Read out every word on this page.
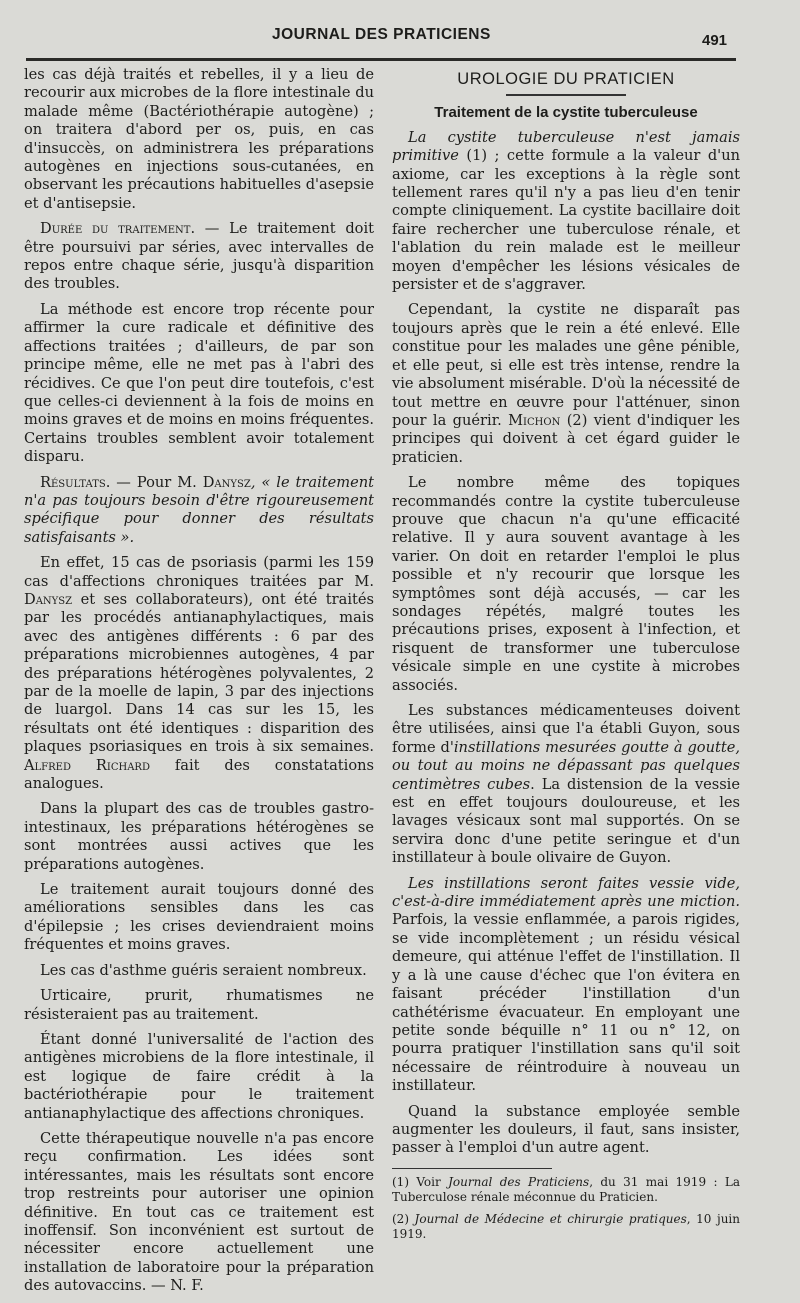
JOURNAL DES PRATICIENS	491

les cas déjà traités et rebelles, il y a lieu de recourir aux microbes de la flore intestinale du malade même (Bactériothérapie autogène) ; on traitera d'abord per os, puis, en cas d'insuccès, on administrera les préparations autogènes en injections sous-cutanées, en observant les précautions habituelles d'asepsie et d'antisepsie.

Durée du traitement. — Le traitement doit être poursuivi par séries, avec intervalles de repos entre chaque série, jusqu'à disparition des troubles.

La méthode est encore trop récente pour affirmer la cure radicale et définitive des affections traitées ; d'ailleurs, de par son principe même, elle ne met pas à l'abri des récidives. Ce que l'on peut dire toutefois, c'est que celles-ci deviennent à la fois de moins en moins graves et de moins en moins fréquentes. Certains troubles semblent avoir totalement disparu.

Résultats. — Pour M. Danysz, « le traitement n'a pas toujours besoin d'être rigoureusement spécifique pour donner des résultats satisfaisants ».

En effet, 15 cas de psoriasis (parmi les 159 cas d'affections chroniques traitées par M. Danysz et ses collaborateurs), ont été traités par les procédés antianaphylactiques, mais avec des antigènes différents : 6 par des préparations microbiennes autogènes, 4 par des préparations hétérogènes polyvalentes, 2 par de la moelle de lapin, 3 par des injections de luargol. Dans 14 cas sur les 15, les résultats ont été identiques : disparition des plaques psoriasiques en trois à six semaines. Alfred Richard fait des constatations analogues.

Dans la plupart des cas de troubles gastro-intestinaux, les préparations hétérogènes se sont montrées aussi actives que les préparations autogènes.

Le traitement aurait toujours donné des améliorations sensibles dans les cas d'épilepsie ; les crises deviendraient moins fréquentes et moins graves.

Les cas d'asthme guéris seraient nombreux.

Urticaire, prurit, rhumatismes ne résisteraient pas au traitement.

Étant donné l'universalité de l'action des antigènes microbiens de la flore intestinale, il est logique de faire crédit à la bactériothérapie pour le traitement antianaphylactique des affections chroniques.

Cette thérapeutique nouvelle n'a pas encore reçu confirmation. Les idées sont intéressantes, mais les résultats sont encore trop restreints pour autoriser une opinion définitive. En tout cas ce traitement est inoffensif. Son inconvénient est surtout de nécessiter encore actuellement une installation de laboratoire pour la préparation des autovaccins. — N. F.

UROLOGIE DU PRATICIEN
Traitement de la cystite tuberculeuse

La cystite tuberculeuse n'est jamais primitive (1) ; cette formule a la valeur d'un axiome, car les exceptions à la règle sont tellement rares qu'il n'y a pas lieu d'en tenir compte cliniquement. La cystite bacillaire doit faire rechercher une tuberculose rénale, et l'ablation du rein malade est le meilleur moyen d'empêcher les lésions vésicales de persister et de s'aggraver.

Cependant, la cystite ne disparaît pas toujours après que le rein a été enlevé. Elle constitue pour les malades une gêne pénible, et elle peut, si elle est très intense, rendre la vie absolument misérable. D'où la nécessité de tout mettre en œuvre pour l'atténuer, sinon pour la guérir. Michon (2) vient d'indiquer les principes qui doivent à cet égard guider le praticien.

Le nombre même des topiques recommandés contre la cystite tuberculeuse prouve que chacun n'a qu'une efficacité relative. Il y aura souvent avantage à les varier. On doit en retarder l'emploi le plus possible et n'y recourir que lorsque les symptômes sont déjà accusés, — car les sondages répétés, malgré toutes les précautions prises, exposent à l'infection, et risquent de transformer une tuberculose vésicale simple en une cystite à microbes associés.

Les substances médicamenteuses doivent être utilisées, ainsi que l'a établi Guyon, sous forme d'instillations mesurées goutte à goutte, ou tout au moins ne dépassant pas quelques centimètres cubes. La distension de la vessie est en effet toujours douloureuse, et les lavages vésicaux sont mal supportés. On se servira donc d'une petite seringue et d'un instillateur à boule olivaire de Guyon.

Les instillations seront faites vessie vide, c'est-à-dire immédiatement après une miction. Parfois, la vessie enflammée, a parois rigides, se vide incomplètement ; un résidu vésical demeure, qui atténue l'effet de l'instillation. Il y a là une cause d'échec que l'on évitera en faisant précéder l'instillation d'un cathétérisme évacuateur. En employant une petite sonde béquille n° 11 ou n° 12, on pourra pratiquer l'instillation sans qu'il soit nécessaire de réintroduire à nouveau un instillateur.

Quand la substance employée semble augmenter les douleurs, il faut, sans insister, passer à l'emploi d'un autre agent.

(1) Voir Journal des Praticiens, du 31 mai 1919 : La Tuberculose rénale méconnue du Praticien.

(2) Journal de Médecine et chirurgie pratiques, 10 juin 1919.
